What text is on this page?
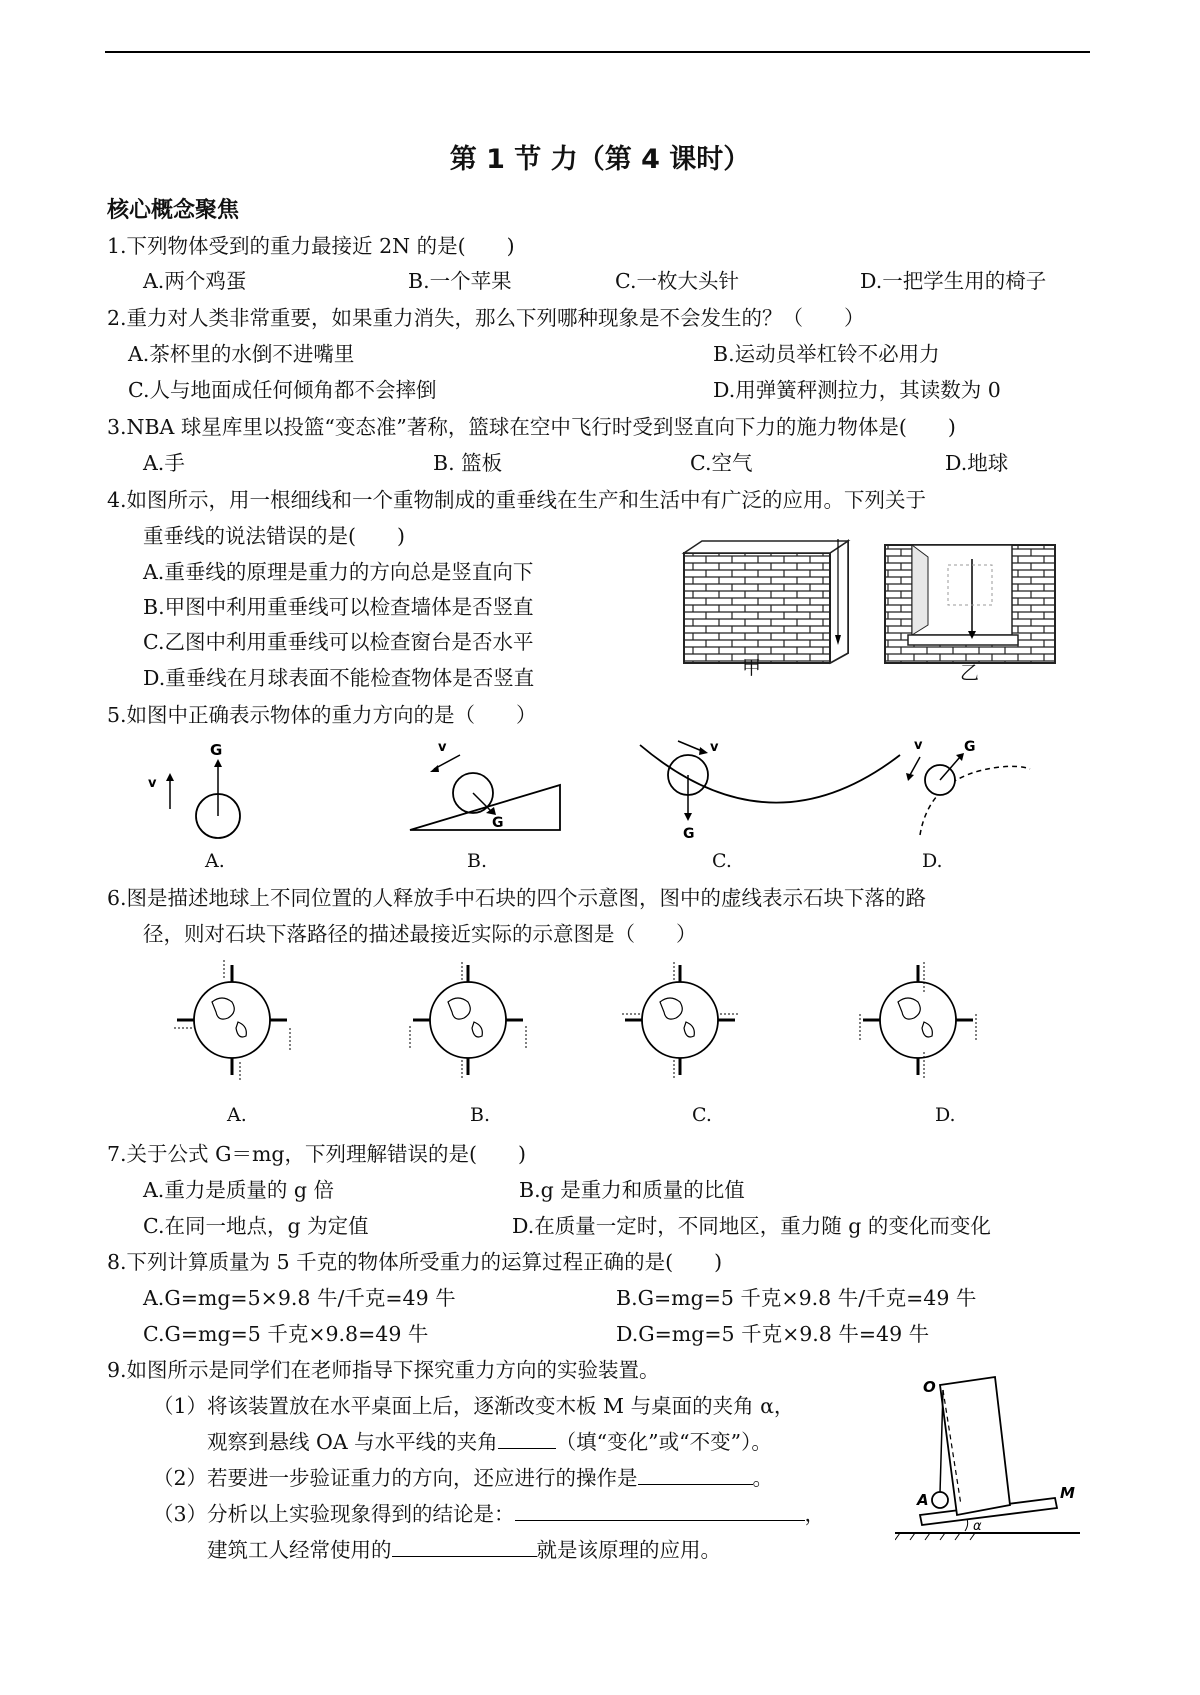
第 1 节 力（第 4 课时）
核心概念聚焦
1.下列物体受到的重力最接近 2N 的是(　　)
A.两个鸡蛋	B.一个苹果	C.一枚大头针	D.一把学生用的椅子
2.重力对人类非常重要，如果重力消失，那么下列哪种现象是不会发生的？（　　）
A.茶杯里的水倒不进嘴里	B.运动员举杠铃不必用力
C.人与地面成任何倾角都不会摔倒	D.用弹簧秤测拉力，其读数为 0
3.NBA 球星库里以投篮“变态准”著称，篮球在空中飞行时受到竖直向下力的施力物体是(　　)
A.手	B. 篮板	C.空气	D.地球
4.如图所示，用一根细线和一个重物制成的重垂线在生产和生活中有广泛的应用。下列关于
重垂线的说法错误的是(　　)
A.重垂线的原理是重力的方向总是竖直向下
B.甲图中利用重垂线可以检查墙体是否竖直
C.乙图中利用重垂线可以检查窗台是否水平
D.重垂线在月球表面不能检查物体是否竖直	甲	乙
5.如图中正确表示物体的重力方向的是（　　）
v
G
G
v
G
v	G
v
A.	B.	C.	D.
6.图是描述地球上不同位置的人释放手中石块的四个示意图，图中的虚线表示石块下落的路
径，则对石块下落路径的描述最接近实际的示意图是（　　）
A.	B.	C.	D.
7.关于公式 G＝mg，下列理解错误的是(　　)
A.重力是质量的 g 倍	B.g 是重力和质量的比值
C.在同一地点，g 为定值	D.在质量一定时，不同地区，重力随 g 的变化而变化
8.下列计算质量为 5 千克的物体所受重力的运算过程正确的是(　　)
A.G=mg=5×9.8 牛/千克=49 牛	B.G=mg=5 千克×9.8 牛/千克=49 牛
C.G=mg=5 千克×9.8=49 牛	D.G=mg=5 千克×9.8 牛=49 牛
9.如图所示是同学们在老师指导下探究重力方向的实验装置。
（1）将该装置放在水平桌面上后，逐渐改变木板 M 与桌面的夹角 α，
观察到悬线 OA 与水平线的夹角	（填“变化”或“不变”）。
（2）若要进一步验证重力的方向，还应进行的操作是	。
（3）分析以上实验现象得到的结论是：	，
建筑工人经常使用的	就是该原理的应用。
O
A	M
α
